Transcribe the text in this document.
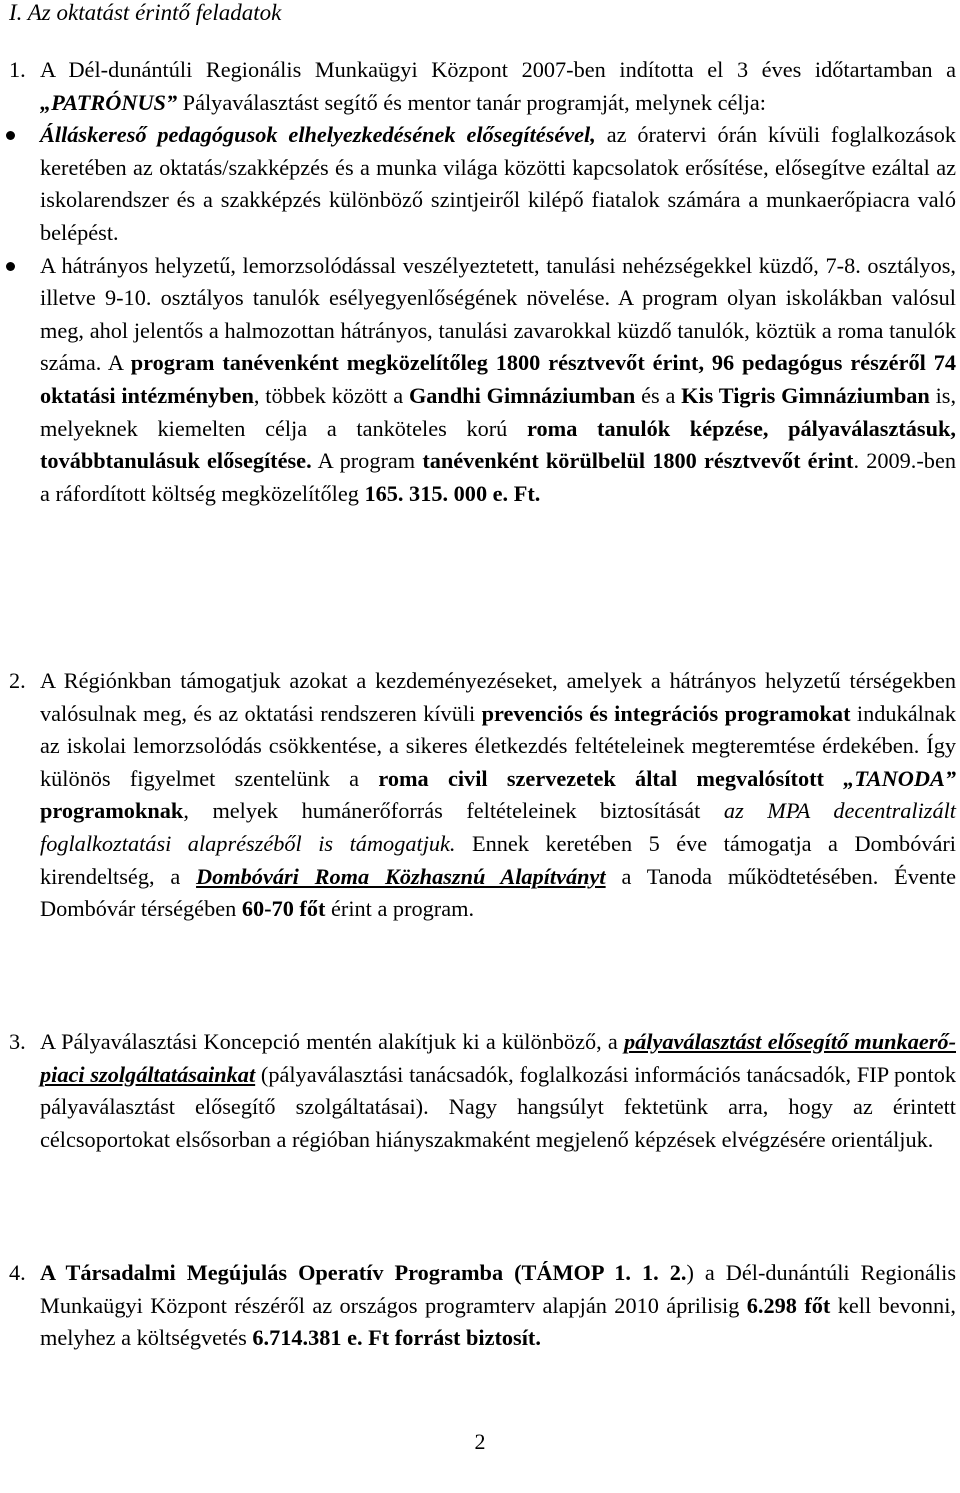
I. Az oktatást érintő feladatok
1. A Dél-dunántúli Regionális Munkaügyi Központ 2007-ben indította el 3 éves időtartamban a „PATRÓNUS” Pályaválasztást segítő és mentor tanár programját, melynek célja:
Álláskereső pedagógusok elhelyezkedésének elősegítésével, az óratervi órán kívüli foglalkozások keretében az oktatás/szakképzés és a munka világa közötti kapcsolatok erősítése, elősegítve ezáltal az iskolarendszer és a szakképzés különböző szintjeiről kilépő fiatalok számára a munkaerőpiacra való belépést.
A hátrányos helyzetű, lemorzsolódással veszélyeztetett, tanulási nehézségekkel küzdő, 7-8. osztályos, illetve 9-10. osztályos tanulók esélyegyenlőségének növelése. A program olyan iskolákban valósul meg, ahol jelentős a halmozottan hátrányos, tanulási zavarokkal küzdő tanulók, köztük a roma tanulók száma. A program tanévenként megközelítőleg 1800 résztvevőt érint, 96 pedagógus részéről 74 oktatási intézményben, többek között a Gandhi Gimnáziumban és a Kis Tigris Gimnáziumban is, melyeknek kiemelten célja a tanköteles korú roma tanulók képzése, pályaválasztásuk, továbbtanulásuk elősegítése. A program tanévenként körülbelül 1800 résztvevőt érint. 2009.-ben a ráfordított költség megközelítőleg 165. 315. 000 e. Ft.
2. A Régiónkban támogatjuk azokat a kezdeményezéseket, amelyek a hátrányos helyzetű térségekben valósulnak meg, és az oktatási rendszeren kívüli prevenciós és integrációs programokat indukálnak az iskolai lemorzsolódás csökkentése, a sikeres életkezdés feltételeinek megteremtése érdekében. Így különös figyelmet szentelünk a roma civil szervezetek által megvalósított „TANODA” programoknak, melyek humánerőforrás feltételeinek biztosítását az MPA decentralizált foglalkoztatási alaprészéből is támogatjuk. Ennek keretében 5 éve támogatja a Dombóvári kirendeltség, a Dombóvári Roma Közhasznú Alapítványt a Tanoda működtetésében. Évente Dombóvár térségében 60-70 főt érint a program.
3. A Pályaválasztási Koncepció mentén alakítjuk ki a különböző, a pályaválasztást elősegítő munkaerő-piaci szolgáltatásainkat (pályaválasztási tanácsadók, foglalkozási információs tanácsadók, FIP pontok pályaválasztást elősegítő szolgáltatásai). Nagy hangsúlyt fektetünk arra, hogy az érintett célcsoportokat elsősorban a régióban hiányszakmaként megjelenő képzések elvégzésére orientáljuk.
4. A Társadalmi Megújulás Operatív Programba (TÁMOP 1. 1. 2.) a Dél-dunántúli Regionális Munkaügyi Központ részéről az országos programterv alapján 2010 áprilisig 6.298 főt kell bevonni, melyhez a költségvetés 6.714.381 e. Ft forrást biztosít.
2
